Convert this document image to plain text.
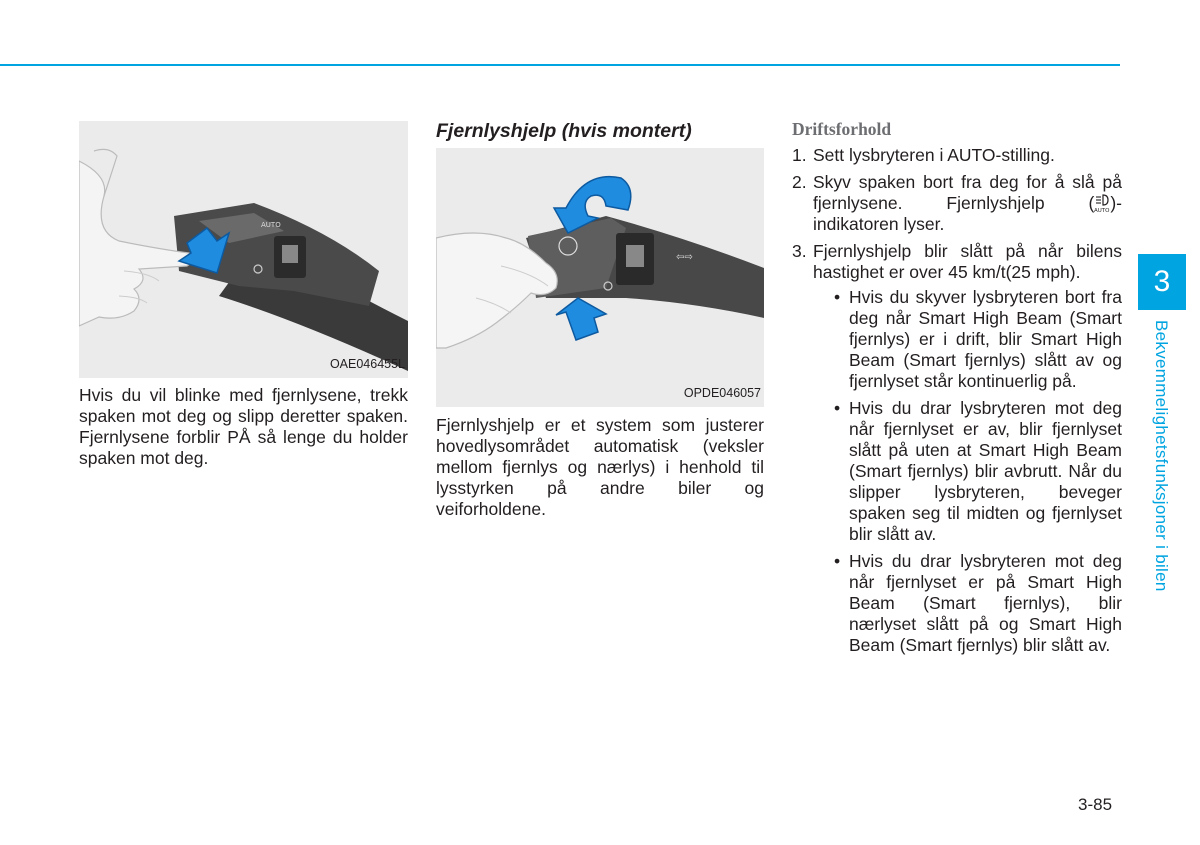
AUTO
OAE046455L

Hvis du vil blinke med fjernlysene, trekk spaken mot deg og slipp deretter spaken. Fjernlysene forblir PÅ så lenge du holder spaken mot deg.

Fjernlyshjelp (hvis montert)
⇦⇨
OPDE046057

Fjernlyshjelp er et system som justerer hovedlysområdet automatisk (veksler mellom fjernlys og nærlys) i henhold til lysstyrken på andre biler og veiforholdene.

Driftsforhold
1. Sett lysbryteren i AUTO-stilling.
2. Skyv spaken bort fra deg for å slå på fjernlysene. Fjernlyshjelp ( AUTO )-indikatoren lyser.
3. Fjernlyshjelp blir slått på når bilens hastighet er over 45 km/t(25 mph).
• Hvis du skyver lysbryteren bort fra deg når Smart High Beam (Smart fjernlys) er i drift, blir Smart High Beam (Smart fjernlys) slått av og fjernlyset står kontinuerlig på.
• Hvis du drar lysbryteren mot deg når fjernlyset er av, blir fjernlyset slått på uten at Smart High Beam (Smart fjernlys) blir avbrutt. Når du slipper lysbryteren, beveger spaken seg til midten og fjernlyset blir slått av.
• Hvis du drar lysbryteren mot deg når fjernlyset er på Smart High Beam (Smart fjernlys), blir nærlyset slått på og Smart High Beam (Smart fjernlys) blir slått av.
3
Bekvemmelighetsfunksjoner i bilen
3-85
